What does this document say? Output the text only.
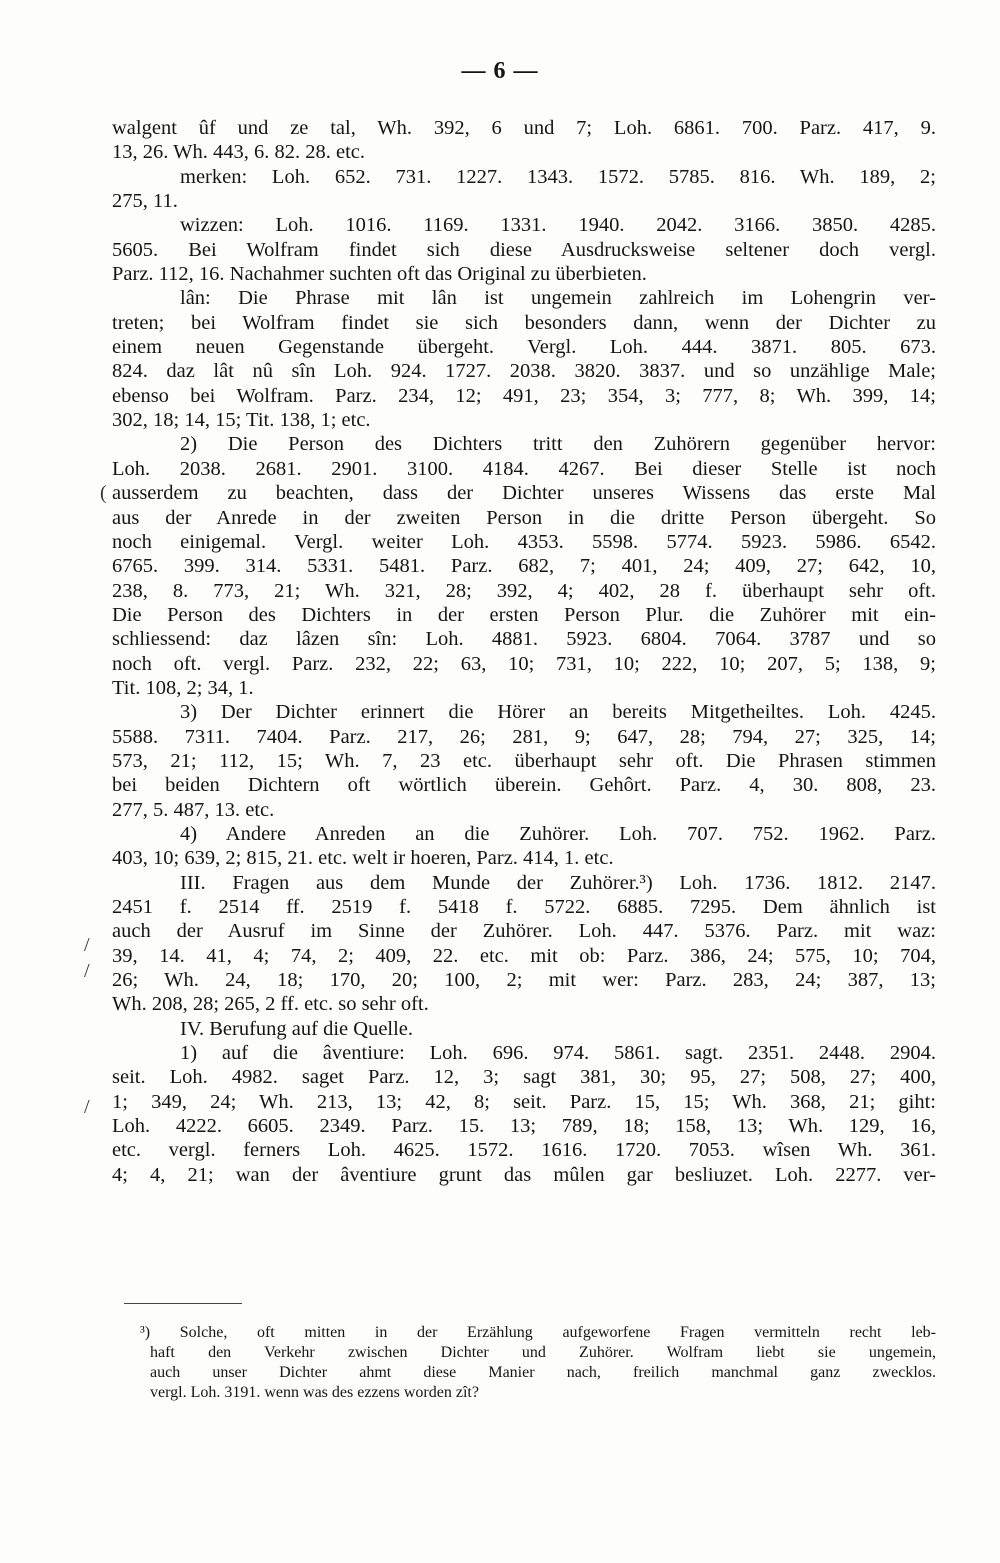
— 6 —
walgent ûf und ze tal, Wh. 392, 6 und 7; Loh. 6861. 700. Parz. 417, 9.
13, 26. Wh. 443, 6. 82. 28. etc.
merken: Loh. 652. 731. 1227. 1343. 1572. 5785. 816. Wh. 189, 2;
275, 11.
wizzen: Loh. 1016. 1169. 1331. 1940. 2042. 3166. 3850. 4285.
5605. Bei Wolfram findet sich diese Ausdrucksweise seltener doch vergl.
Parz. 112, 16. Nachahmer suchten oft das Original zu überbieten.
lân: Die Phrase mit lân ist ungemein zahlreich im Lohengrin ver-
treten; bei Wolfram findet sie sich besonders dann, wenn der Dichter zu
einem neuen Gegenstande übergeht. Vergl. Loh. 444. 3871. 805. 673.
824. daz lât nû sîn Loh. 924. 1727. 2038. 3820. 3837. und so unzählige Male;
ebenso bei Wolfram. Parz. 234, 12; 491, 23; 354, 3; 777, 8; Wh. 399, 14;
302, 18; 14, 15; Tit. 138, 1; etc.
2) Die Person des Dichters tritt den Zuhörern gegenüber hervor:
Loh. 2038. 2681. 2901. 3100. 4184. 4267. Bei dieser Stelle ist noch
ausserdem zu beachten, dass der Dichter unseres Wissens das erste Mal
aus der Anrede in der zweiten Person in die dritte Person übergeht. So
noch einigemal. Vergl. weiter Loh. 4353. 5598. 5774. 5923. 5986. 6542.
6765. 399. 314. 5331. 5481. Parz. 682, 7; 401, 24; 409, 27; 642, 10,
238, 8. 773, 21; Wh. 321, 28; 392, 4; 402, 28 f. überhaupt sehr oft.
Die Person des Dichters in der ersten Person Plur. die Zuhörer mit ein-
schliessend: daz lâzen sîn: Loh. 4881. 5923. 6804. 7064. 3787 und so
noch oft. vergl. Parz. 232, 22; 63, 10; 731, 10; 222, 10; 207, 5; 138, 9;
Tit. 108, 2; 34, 1.
3) Der Dichter erinnert die Hörer an bereits Mitgetheiltes. Loh. 4245.
5588. 7311. 7404. Parz. 217, 26; 281, 9; 647, 28; 794, 27; 325, 14;
573, 21; 112, 15; Wh. 7, 23 etc. überhaupt sehr oft. Die Phrasen stimmen
bei beiden Dichtern oft wörtlich überein. Gehôrt. Parz. 4, 30. 808, 23.
277, 5. 487, 13. etc.
4) Andere Anreden an die Zuhörer. Loh. 707. 752. 1962. Parz.
403, 10; 639, 2; 815, 21. etc. welt ir hoeren, Parz. 414, 1. etc.
III. Fragen aus dem Munde der Zuhörer.³) Loh. 1736. 1812. 2147.
2451 f. 2514 ff. 2519 f. 5418 f. 5722. 6885. 7295. Dem ähnlich ist
auch der Ausruf im Sinne der Zuhörer. Loh. 447. 5376. Parz. mit waz:
39, 14. 41, 4; 74, 2; 409, 22. etc. mit ob: Parz. 386, 24; 575, 10; 704,
26; Wh. 24, 18; 170, 20; 100, 2; mit wer: Parz. 283, 24; 387, 13;
Wh. 208, 28; 265, 2 ff. etc. so sehr oft.
IV. Berufung auf die Quelle.
1) auf die âventiure: Loh. 696. 974. 5861. sagt. 2351. 2448. 2904.
seit. Loh. 4982. saget Parz. 12, 3; sagt 381, 30; 95, 27; 508, 27; 400,
1; 349, 24; Wh. 213, 13; 42, 8; seit. Parz. 15, 15; Wh. 368, 21; giht:
Loh. 4222. 6605. 2349. Parz. 15. 13; 789, 18; 158, 13; Wh. 129, 16,
etc. vergl. ferners Loh. 4625. 1572. 1616. 1720. 7053. wîsen Wh. 361.
4; 4, 21; wan der âventiure grunt das mûlen gar besliuzet. Loh. 2277. ver-
(
/
/
/
³) Solche, oft mitten in der Erzählung aufgeworfene Fragen vermitteln recht leb-
haft den Verkehr zwischen Dichter und Zuhörer. Wolfram liebt sie ungemein,
auch unser Dichter ahmt diese Manier nach, freilich manchmal ganz zwecklos.
vergl. Loh. 3191. wenn was des ezzens worden zît?
